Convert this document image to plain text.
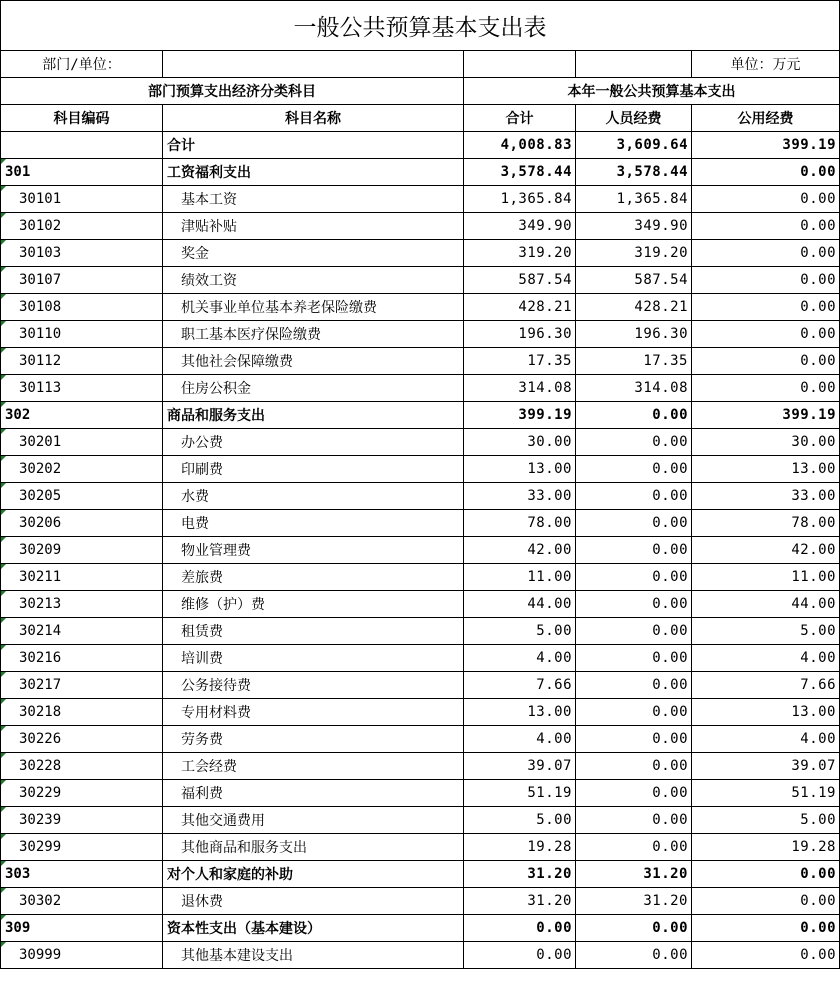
一般公共预算基本支出表				
部门/单位：				单位：万元
部门预算支出经济分类科目		本年一般公共预算基本支出		
科目编码	科目名称	合计	人员经费	公用经费
	合计	4,008.83	3,609.64	399.19
301	工资福利支出	3,578.44	3,578.44	0.00
30101	基本工资	1,365.84	1,365.84	0.00
30102	津贴补贴	349.90	349.90	0.00
30103	奖金	319.20	319.20	0.00
30107	绩效工资	587.54	587.54	0.00
30108	机关事业单位基本养老保险缴费	428.21	428.21	0.00
30110	职工基本医疗保险缴费	196.30	196.30	0.00
30112	其他社会保障缴费	17.35	17.35	0.00
30113	住房公积金	314.08	314.08	0.00
302	商品和服务支出	399.19	0.00	399.19
30201	办公费	30.00	0.00	30.00
30202	印刷费	13.00	0.00	13.00
30205	水费	33.00	0.00	33.00
30206	电费	78.00	0.00	78.00
30209	物业管理费	42.00	0.00	42.00
30211	差旅费	11.00	0.00	11.00
30213	维修（护）费	44.00	0.00	44.00
30214	租赁费	5.00	0.00	5.00
30216	培训费	4.00	0.00	4.00
30217	公务接待费	7.66	0.00	7.66
30218	专用材料费	13.00	0.00	13.00
30226	劳务费	4.00	0.00	4.00
30228	工会经费	39.07	0.00	39.07
30229	福利费	51.19	0.00	51.19
30239	其他交通费用	5.00	0.00	5.00
30299	其他商品和服务支出	19.28	0.00	19.28
303	对个人和家庭的补助	31.20	31.20	0.00
30302	退休费	31.20	31.20	0.00
309	资本性支出（基本建设）	0.00	0.00	0.00
30999	其他基本建设支出	0.00	0.00	0.00
